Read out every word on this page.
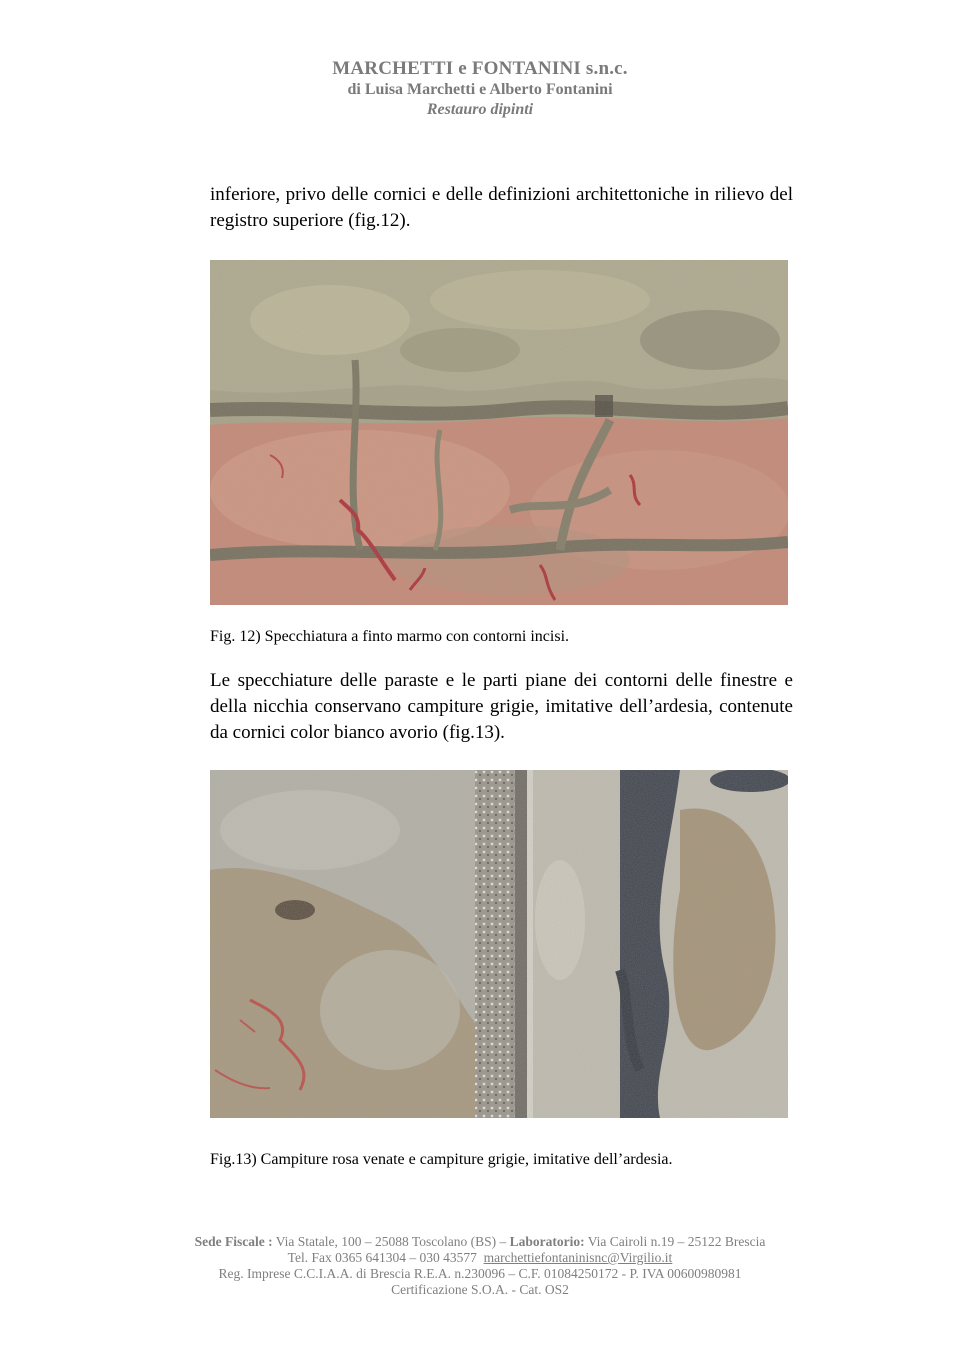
MARCHETTI e FONTANINI s.n.c.
di Luisa Marchetti e Alberto Fontanini
Restauro dipinti
inferiore, privo delle cornici e delle definizioni architettoniche in rilievo del registro superiore (fig.12).
Fig. 12) Specchiatura a finto marmo con contorni incisi.
Le specchiature delle paraste e le parti piane dei contorni delle finestre e della nicchia conservano campiture grigie, imitative dell’ardesia, contenute da cornici color bianco avorio (fig.13).
Fig.13) Campiture rosa venate e campiture grigie, imitative dell’ardesia.
Sede Fiscale : Via Statale, 100 – 25088 Toscolano (BS) – Laboratorio: Via Cairoli n.19 – 25122 Brescia
Tel. Fax 0365 641304 – 030 43577 marchettiefontaninisnc@Virgilio.it
Reg. Imprese C.C.I.A.A. di Brescia R.E.A. n.230096 – C.F. 01084250172 - P. IVA 00600980981
Certificazione S.O.A. - Cat. OS2
